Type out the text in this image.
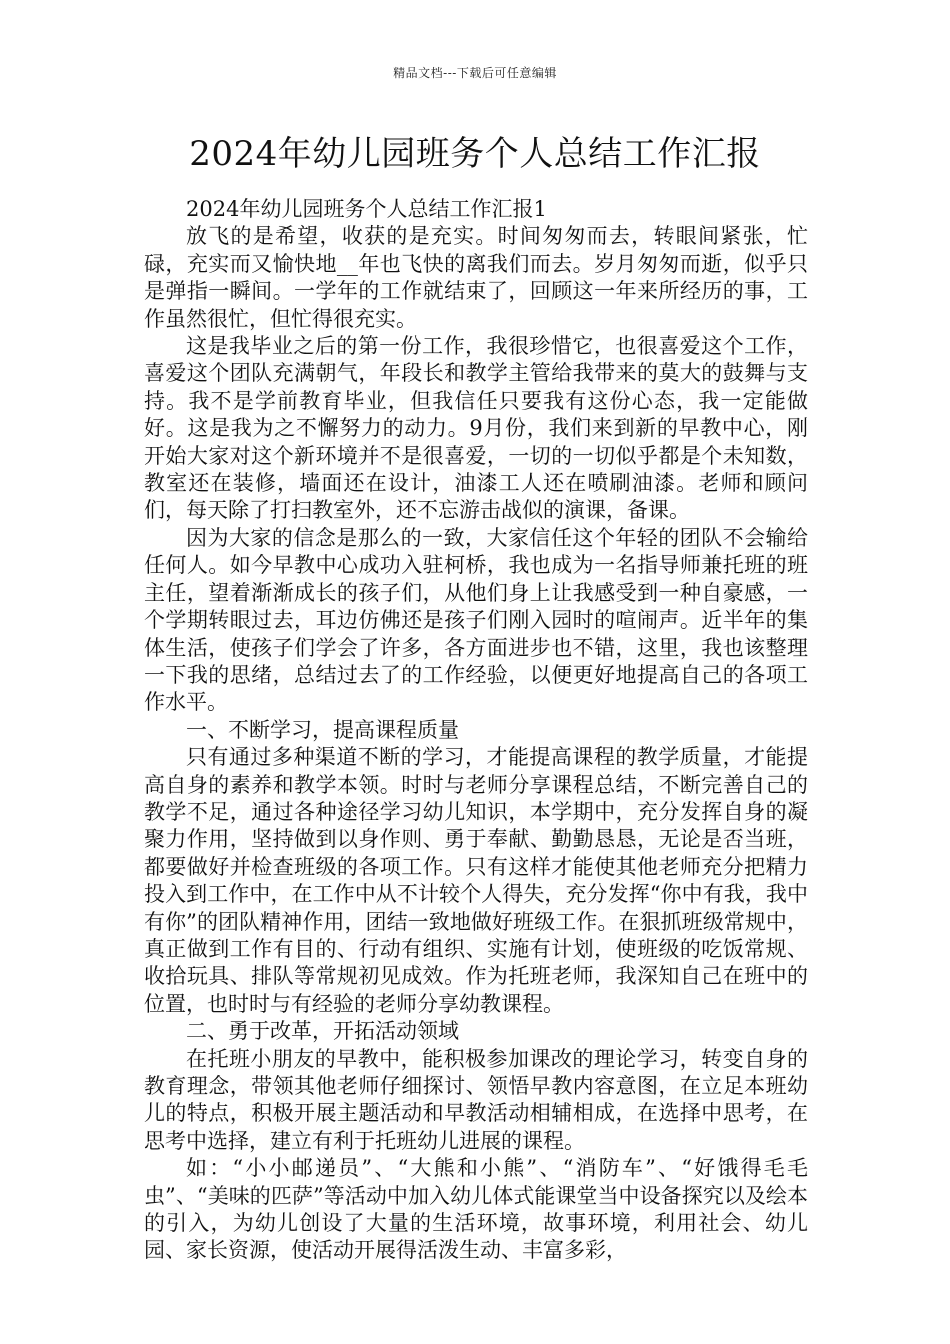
精品文档---下载后可任意编辑
2024年幼儿园班务个人总结工作汇报

2024年幼儿园班务个人总结工作汇报1

放飞的是希望，收获的是充实。时间匆匆而去，转眼间紧张，忙碌，充实而又愉快地__年也飞快的离我们而去。岁月匆匆而逝，似乎只是弹指一瞬间。一学年的工作就结束了，回顾这一年来所经历的事，工作虽然很忙，但忙得很充实。

这是我毕业之后的第一份工作，我很珍惜它，也很喜爱这个工作，喜爱这个团队充满朝气，年段长和教学主管给我带来的莫大的鼓舞与支持。我不是学前教育毕业，但我信任只要我有这份心态，我一定能做好。这是我为之不懈努力的动力。9月份，我们来到新的早教中心，刚开始大家对这个新环境并不是很喜爱，一切的一切似乎都是个未知数，教室还在装修，墙面还在设计，油漆工人还在喷刷油漆。老师和顾问们，每天除了打扫教室外，还不忘游击战似的演课，备课。

因为大家的信念是那么的一致，大家信任这个年轻的团队不会输给任何人。如今早教中心成功入驻柯桥，我也成为一名指导师兼托班的班主任，望着渐渐成长的孩子们，从他们身上让我感受到一种自豪感，一个学期转眼过去，耳边仿佛还是孩子们刚入园时的喧闹声。近半年的集体生活，使孩子们学会了许多，各方面进步也不错，这里，我也该整理一下我的思绪，总结过去了的工作经验，以便更好地提高自己的各项工作水平。

一、不断学习，提高课程质量

只有通过多种渠道不断的学习，才能提高课程的教学质量，才能提高自身的素养和教学本领。时时与老师分享课程总结，不断完善自己的教学不足，通过各种途径学习幼儿知识，本学期中，充分发挥自身的凝聚力作用，坚持做到以身作则、勇于奉献、勤勤恳恳，无论是否当班，都要做好并检查班级的各项工作。只有这样才能使其他老师充分把精力投入到工作中，在工作中从不计较个人得失，充分发挥“你中有我，我中有你”的团队精神作用，团结一致地做好班级工作。在狠抓班级常规中，真正做到工作有目的、行动有组织、实施有计划，使班级的吃饭常规、收拾玩具、排队等常规初见成效。作为托班老师，我深知自己在班中的位置，也时时与有经验的老师分享幼教课程。

二、勇于改革，开拓活动领域

在托班小朋友的早教中，能积极参加课改的理论学习，转变自身的教育理念，带领其他老师仔细探讨、领悟早教内容意图，在立足本班幼儿的特点，积极开展主题活动和早教活动相辅相成，在选择中思考，在思考中选择，建立有利于托班幼儿进展的课程。

如：“小小邮递员”、“大熊和小熊”、“消防车”、“好饿得毛毛虫”、“美味的匹萨”等活动中加入幼儿体式能课堂当中设备探究以及绘本的引入，为幼儿创设了大量的生活环境，故事环境，利用社会、幼儿园、家长资源，使活动开展得活泼生动、丰富多彩，
